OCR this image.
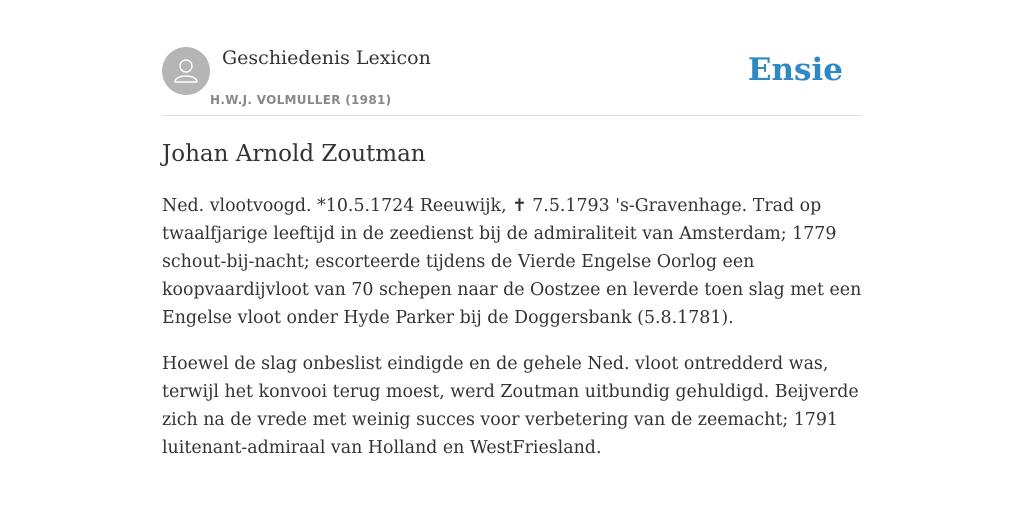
Geschiedenis Lexicon
H.W.J. VOLMULLER (1981)
Ensie
Johan Arnold Zoutman

Ned. vlootvoogd. *10.5.1724 Reeuwijk, ✝ 7.5.1793 's-Gravenhage. Trad op twaalfjarige leeftijd in de zeedienst bij de admiraliteit van Amsterdam; 1779 schout-bij-nacht; escorteerde tijdens de Vierde Engelse Oorlog een koopvaardijvloot van 70 schepen naar de Oostzee en leverde toen slag met een Engelse vloot onder Hyde Parker bij de Doggersbank (5.8.1781).

Hoewel de slag onbeslist eindigde en de gehele Ned. vloot ontredderd was, terwijl het konvooi terug moest, werd Zoutman uitbundig gehuldigd. Beijverde zich na de vrede met weinig succes voor verbetering van de zeemacht; 1791 luitenant-admiraal van Holland en WestFriesland.
